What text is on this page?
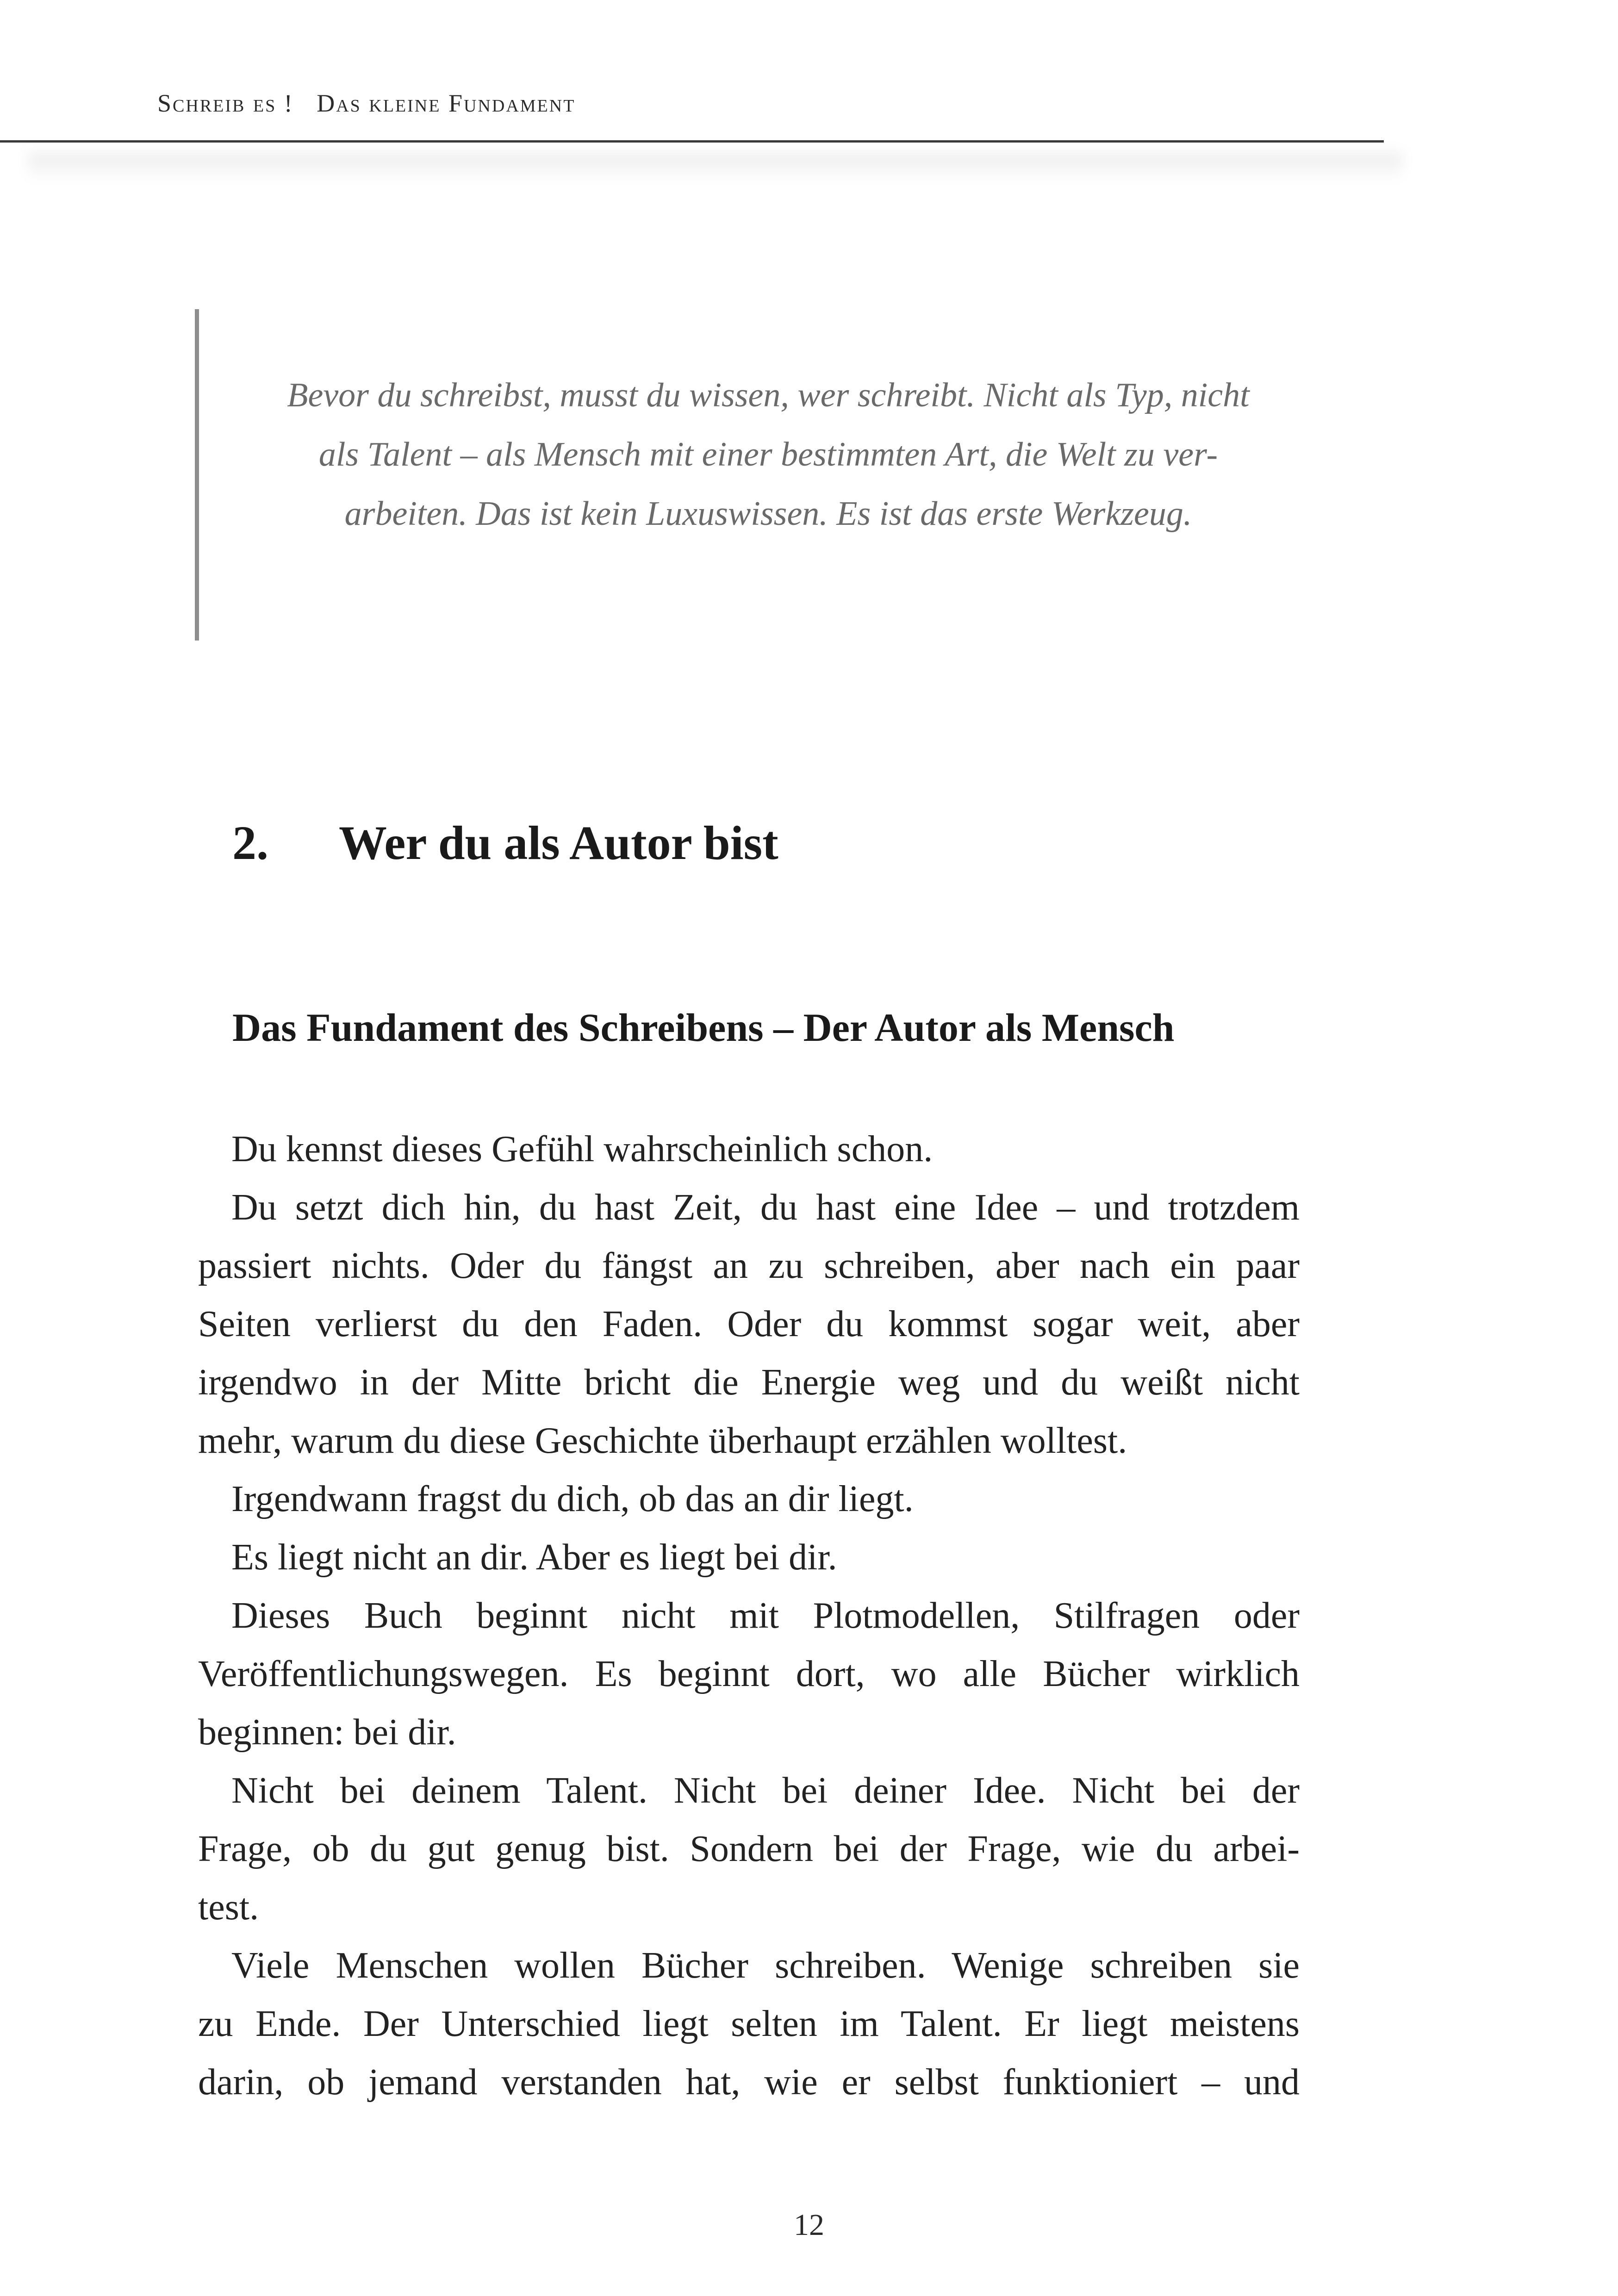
Schreib es !   Das kleine Fundament
Bevor du schreibst, musst du wissen, wer schreibt. Nicht als Typ, nicht
als Talent – als Mensch mit einer bestimmten Art, die Welt zu ver-
arbeiten. Das ist kein Luxuswissen. Es ist das erste Werkzeug.
2. Wer du als Autor bist
Das Fundament des Schreibens – Der Autor als Mensch
Du kennst dieses Gefühl wahrscheinlich schon.
Du setzt dich hin, du hast Zeit, du hast eine Idee – und trotzdem
passiert nichts. Oder du fängst an zu schreiben, aber nach ein paar
Seiten verlierst du den Faden. Oder du kommst sogar weit, aber
irgendwo in der Mitte bricht die Energie weg und du weißt nicht
mehr, warum du diese Geschichte überhaupt erzählen wolltest.
Irgendwann fragst du dich, ob das an dir liegt.
Es liegt nicht an dir. Aber es liegt bei dir.
Dieses Buch beginnt nicht mit Plotmodellen, Stilfragen oder
Veröffentlichungswegen. Es beginnt dort, wo alle Bücher wirklich
beginnen: bei dir.
Nicht bei deinem Talent. Nicht bei deiner Idee. Nicht bei der
Frage, ob du gut genug bist. Sondern bei der Frage, wie du arbei-
test.
Viele Menschen wollen Bücher schreiben. Wenige schreiben sie
zu Ende. Der Unterschied liegt selten im Talent. Er liegt meistens
darin, ob jemand verstanden hat, wie er selbst funktioniert – und
12
